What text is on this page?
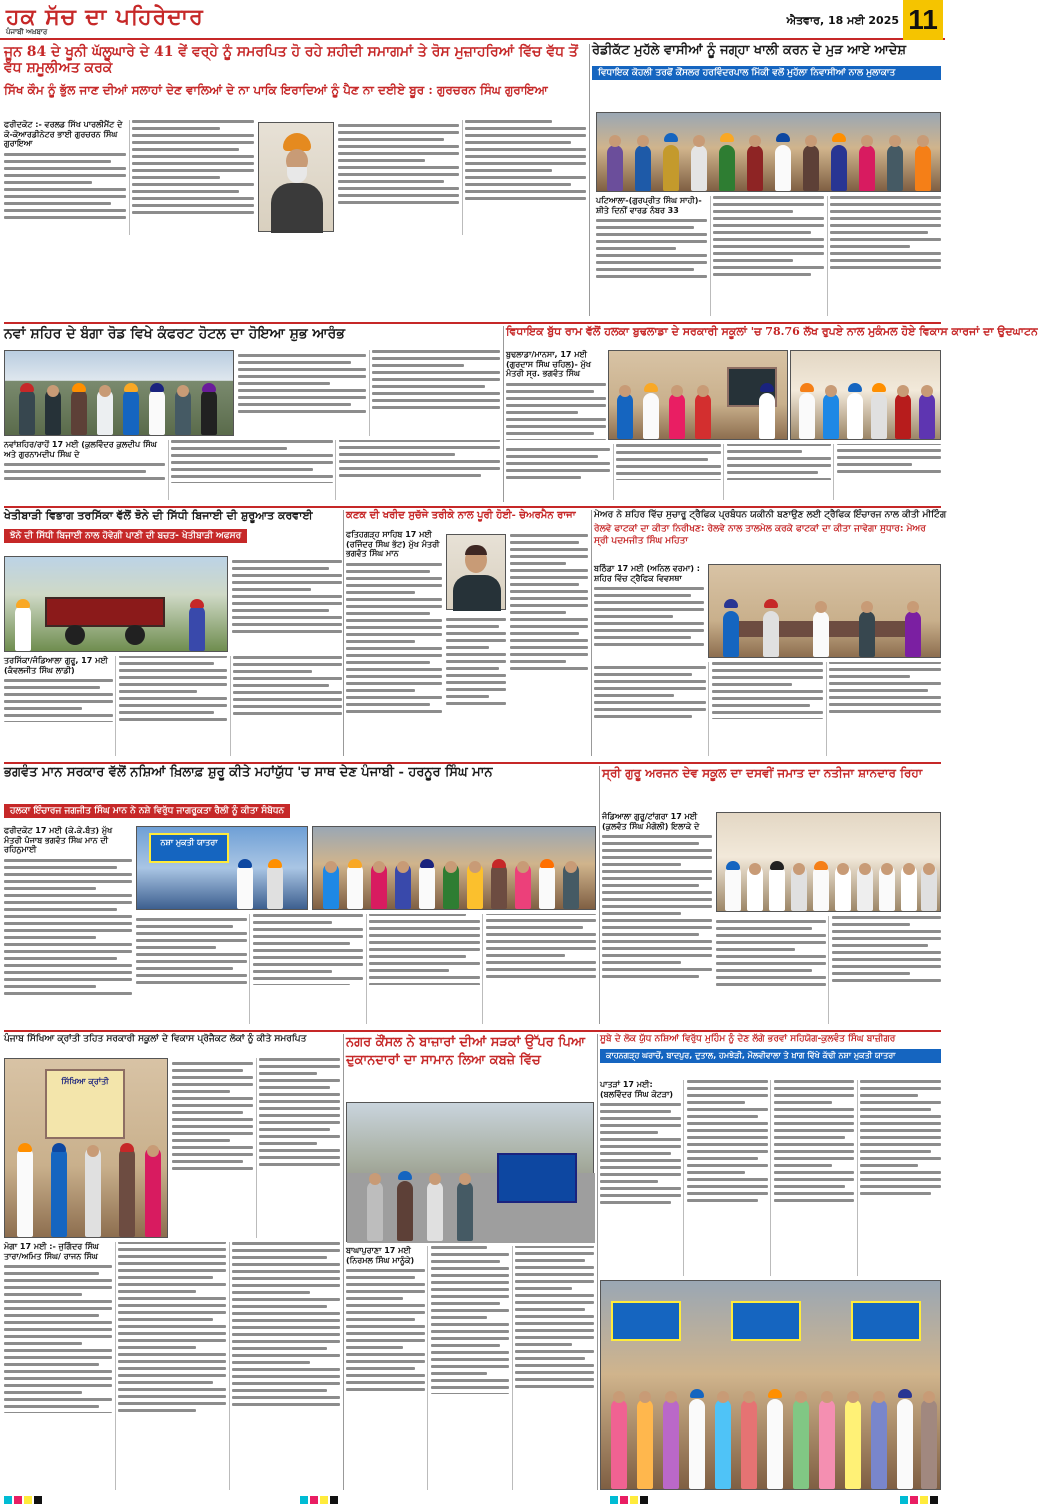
ਹਕ ਸੱਚ ਦਾ ਪਹਿਰੇਦਾਰ
ਪੰਜਾਬੀ ਅਖ਼ਬਾਰ
ਐਤਵਾਰ, 18 ਮਈ 2025 11
ਜੂਨ 84 ਦੇ ਖੂਨੀ ਘੱਲੂਘਾਰੇ ਦੇ 41 ਵੇਂ ਵਰ੍ਹੇ ਨੂੰ ਸਮਰਪਿਤ ਹੋ ਰਹੇ ਸ਼ਹੀਦੀ ਸਮਾਗਮਾਂ ਤੇ ਰੋਸ ਮੁਜ਼ਾਹਰਿਆਂ ਵਿੱਚ ਵੱਧ ਤੋਂ ਵੱਧ ਸ਼ਮੂਲੀਅਤ ਕਰਕੇ
ਸਿੱਖ ਕੌਮ ਨੂੰ ਭੁੱਲ ਜਾਣ ਦੀਆਂ ਸਲਾਹਾਂ ਦੇਣ ਵਾਲਿਆਂ ਦੇ ਨਾ ਪਾਕਿ ਇਰਾਦਿਆਂ ਨੂੰ ਪੈਣ ਨਾ ਦਈਏ ਬੂਰ : ਗੁਰਚਰਨ ਸਿੰਘ ਗੁਰਾਇਆ
ਫਰੀਦਕੋਟ :- ਵਰਲਡ ਸਿੱਖ ਪਾਰਲੀਮੈਂਟ ਦੇ ਕੋ-ਕੋਆਰਡੀਨੇਟਰ ਭਾਈ ਗੁਰਚਰਨ ਸਿੰਘ ਗੁਰਾਇਆ
ਰੇਡੀਕੱਟ ਮੁਹੱਲੇ ਵਾਸੀਆਂ ਨੂੰ ਜਗ੍ਹਾ ਖਾਲੀ ਕਰਨ ਦੇ ਮੁੜ ਆਏ ਆਦੇਸ਼
ਵਿਧਾਇਕ ਕੋਹਲੀ ਤਰਫੋਂ ਕੌਂਸਲਰ ਹਰਵਿੰਦਰਪਾਲ ਮਿੱਕੀ ਵਲੋਂ ਮੁਹੱਲਾ ਨਿਵਾਸੀਆਂ ਨਾਲ ਮੁਲਾਕਾਤ
ਪਟਿਆਲਾ-(ਗੁਰਪ੍ਰੀਤ ਸਿੰਘ ਸਾਹੀ)-ਸ਼ੀਤੇ ਦਿਨੀਂ ਵਾਰਡ ਨੰਬਰ 33
ਨਵਾਂ ਸ਼ਹਿਰ ਦੇ ਬੰਗਾ ਰੋਡ ਵਿਖੇ ਕੰਫਰਟ ਹੋਟਲ ਦਾ ਹੋਇਆ ਸ਼ੁਭ ਆਰੰਭ
ਨਵਾਂਸ਼ਹਿਰ/ਰਾਹੋਂ 17 ਮਈ (ਕੁਲਵਿੰਦਰ ਕੁਲਦੀਪ ਸਿੰਘ ਅਤੇ ਗੁਰਨਾਮਦੀਪ ਸਿੰਘ ਦੇ
ਵਿਧਾਇਕ ਬੁੱਧ ਰਾਮ ਵੱਲੋਂ ਹਲਕਾ ਬੁਢਲਾਡਾ ਦੇ ਸਰਕਾਰੀ ਸਕੂਲਾਂ 'ਚ 78.76 ਲੱਖ ਰੁਪਏ ਨਾਲ ਮੁਕੰਮਲ ਹੋਏ ਵਿਕਾਸ ਕਾਰਜਾਂ ਦਾ ਉਦਘਾਟਨ
ਬੁਢਲਾਡਾ/ਮਾਨਸਾ, 17 ਮਈ (ਗੁਰਦਾਸ ਸਿੰਘ ਚਹਿਲ)- ਮੁੱਖ ਮੰਤਰੀ ਸ੍ਰ. ਭਗਵੰਤ ਸਿੰਘ
ਖੇਤੀਬਾੜੀ ਵਿਭਾਗ ਤਰਸਿੱਕਾ ਵੱਲੋਂ ਝੋਨੇ ਦੀ ਸਿੱਧੀ ਬਿਜਾਈ ਦੀ ਸ਼ੁਰੂਆਤ ਕਰਵਾਈ
ਝੋਨੇ ਦੀ ਸਿੱਧੀ ਬਿਜਾਈ ਨਾਲ ਹੋਵੇਗੀ ਪਾਣੀ ਦੀ ਬਚਤ- ਖੇਤੀਬਾੜੀ ਅਫਸਰ
ਤਰਸਿੱਕਾ/ਜੰਡਿਆਲਾ ਗੁਰੂ, 17 ਮਈ (ਕੰਵਲਜੀਤ ਸਿੰਘ ਲਾਡੀ)
ਕਣਕ ਦੀ ਖਰੀਦ ਸੁਚੱਜੇ ਤਰੀਕੇ ਨਾਲ ਪੂਰੀ ਹੋਈ- ਚੇਅਰਮੈਨ ਰਾਜਾ
ਫਤਿਹਗੜ੍ਹ ਸਾਹਿਬ 17 ਮਈ (ਰਜਿੰਦਰ ਸਿੰਘ ਭੱਟ) ਮੁੱਖ ਮੰਤਰੀ ਭਗਵੰਤ ਸਿੰਘ ਮਾਨ
ਮੇਅਰ ਨੇ ਸ਼ਹਿਰ ਵਿੱਚ ਸੁਚਾਰੂ ਟ੍ਰੈਫਿਕ ਪ੍ਰਬੰਧਨ ਯਕੀਨੀ ਬਣਾਉਣ ਲਈ ਟ੍ਰੈਫਿਕ ਇੰਚਾਰਜ ਨਾਲ ਕੀਤੀ ਮੀਟਿੰਗ
ਰੇਲਵੇ ਫਾਟਕਾਂ ਦਾ ਕੀਤਾ ਨਿਰੀਖਣ: ਰੇਲਵੇ ਨਾਲ ਤਾਲਮੇਲ ਕਰਕੇ ਫਾਟਕਾਂ ਦਾ ਕੀਤਾ ਜਾਵੇਗਾ ਸੁਧਾਰ: ਮੇਅਰ ਸ੍ਰੀ ਪਦਮਜੀਤ ਸਿੰਘ ਮਹਿਤਾ
ਬਠਿੰਡਾ 17 ਮਈ (ਅਨਿਲ ਵਰਮਾ) : ਸ਼ਹਿਰ ਵਿੱਚ ਟ੍ਰੈਫਿਕ ਵਿਵਸਥਾ
ਭਗਵੰਤ ਮਾਨ ਸਰਕਾਰ ਵੱਲੋਂ ਨਸ਼ਿਆਂ ਖ਼ਿਲਾਫ਼ ਸ਼ੁਰੂ ਕੀਤੇ ਮਹਾਂਯੁੱਧ 'ਚ ਸਾਥ ਦੇਣ ਪੰਜਾਬੀ - ਹਰਨੂਰ ਸਿੰਘ ਮਾਨ
ਹਲਕਾ ਇੰਚਾਰਜ ਜਗਜੀਤ ਸਿੰਘ ਮਾਨ ਨੇ ਨਸ਼ੇ ਵਿਰੁੱਧ ਜਾਗਰੂਕਤਾ ਰੈਲੀ ਨੂੰ ਕੀਤਾ ਸੰਬੋਧਨ
ਫਰੀਦਕੋਟ 17 ਮਈ (ਕੇ.ਕੇ.ਬੰਤ) ਮੁੱਖ ਮੰਤਰੀ ਪੰਜਾਬ ਭਗਵੰਤ ਸਿੰਘ ਮਾਨ ਦੀ ਰਹਿਨੁਮਾਈ
ਨਸ਼ਾ ਮੁਕਤੀ ਯਾਤਰਾ
ਸ੍ਰੀ ਗੁਰੂ ਅਰਜਨ ਦੇਵ ਸਕੂਲ ਦਾ ਦਸਵੀਂ ਜਮਾਤ ਦਾ ਨਤੀਜਾ ਸ਼ਾਨਦਾਰ ਰਿਹਾ
ਜੰਡਿਆਲਾ ਗੁਰੂ/ਟਾਂਗਰਾ 17 ਮਈ (ਕੁਲਵੰਤ ਸਿੰਘ ਮੰਗੋਲੀ) ਇਲਾਕੇ ਦੇ
ਪੰਜਾਬ ਸਿੱਖਿਆ ਕ੍ਰਾਂਤੀ ਤਹਿਤ ਸਰਕਾਰੀ ਸਕੂਲਾਂ ਦੇ ਵਿਕਾਸ ਪ੍ਰੋਜੈਕਟ ਲੋਕਾਂ ਨੂੰ ਕੀਤੇ ਸਮਰਪਿਤ
ਸਿੱਖਿਆ ਕ੍ਰਾਂਤੀ
ਮੋਗਾ 17 ਮਈ :- ਜੁਗਿੰਦਰ ਸਿੰਘ ਤਾਰਾ/ਅਮਿਤ ਸਿੰਘ/ ਰਾਜਨ ਸਿੰਘ
ਨਗਰ ਕੌਂਸਲ ਨੇ ਬਾਜ਼ਾਰਾਂ ਦੀਆਂ ਸੜਕਾਂ ਉੱਪਰ ਪਿਆ ਦੁਕਾਨਦਾਰਾਂ ਦਾ ਸਾਮਾਨ ਲਿਆ ਕਬਜ਼ੇ ਵਿੱਚ
ਬਾਘਾਪੁਰਾਣਾ 17 ਮਈ (ਨਿਰਮਲ ਸਿੰਘ ਮਾਨੂੰਕੇ)
ਸੂਬੇ ਦੇ ਲੋਕ ਯੁੱਧ ਨਸ਼ਿਆਂ ਵਿਰੁੱਧ ਮੁਹਿੰਮ ਨੂੰ ਦੇਣ ਲੱਗੇ ਭਰਵਾਂ ਸਹਿਯੋਗ-ਕੁਲਵੰਤ ਸਿੰਘ ਬਾਜ਼ੀਗਰ
ਕਾਹਨਗੜ੍ਹ ਘਰਾਚੋਂ, ਬਾਦਪੁਰ, ਦੁਤਾਲ, ਹਮਝੇੜੀ, ਮੌਲਵੀਵਾਲਾ ਤੇ ਖ਼ਾਗ ਵਿੱਖੇ ਕੱਢੀ ਨਸ਼ਾ ਮੁਕਤੀ ਯਾਤਰਾ
ਪਾਤੜਾਂ 17 ਮਈ:(ਬਲਵਿੰਦਰ ਸਿੰਘ ਕੋਟੜਾ)
